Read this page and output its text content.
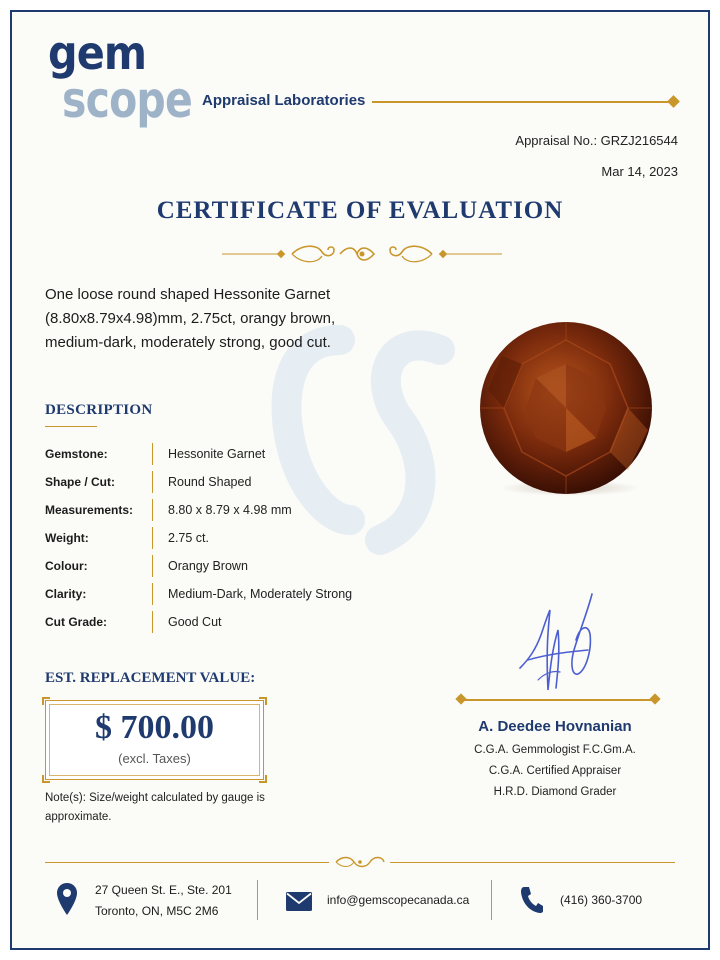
gem
scope Appraisal Laboratories
Appraisal No.: GRZJ216544
Mar 14, 2023
CERTIFICATE OF EVALUATION
One loose round shaped Hessonite Garnet (8.80x8.79x4.98)mm, 2.75ct, orangy brown, medium-dark, moderately strong, good cut.
DESCRIPTION
Gemstone:	Hessonite Garnet
Shape / Cut:	Round Shaped
Measurements:	8.80 x 8.79 x 4.98 mm
Weight:	2.75 ct.
Colour:	Orangy Brown
Clarity:	Medium-Dark, Moderately Strong
Cut Grade:	Good Cut
EST. REPLACEMENT VALUE:
$ 700.00
(excl. Taxes)
Note(s): Size/weight calculated by gauge is approximate.
A. Deedee Hovnanian
C.G.A. Gemmologist F.C.Gm.A.
C.G.A. Certified Appraiser
H.R.D. Diamond Grader
27 Queen St. E., Ste. 201
Toronto, ON, M5C 2M6
info@gemscopecanada.ca	(416) 360-3700
